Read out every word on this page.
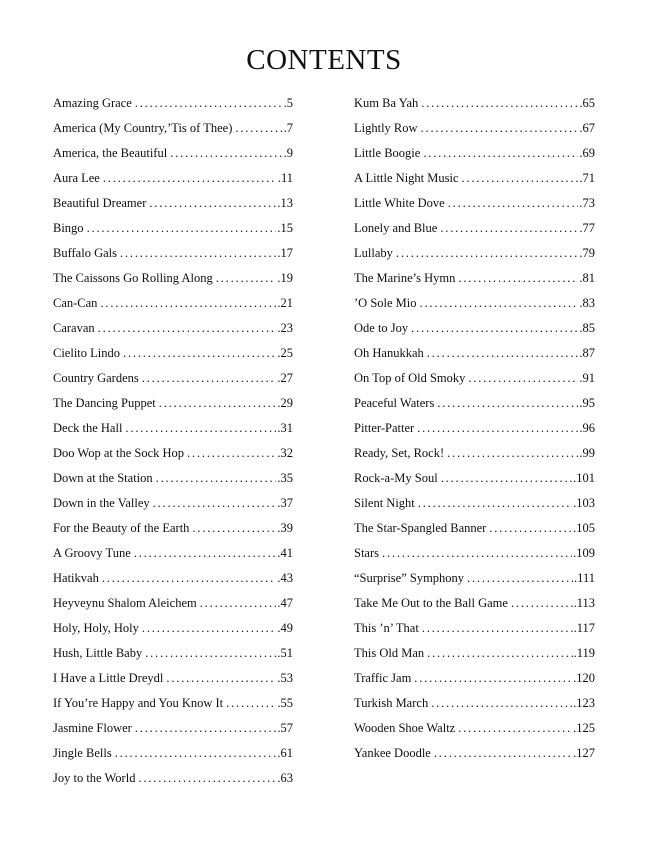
CONTENTS
Amazing Grace . . .	.5
America (My Country,’Tis of Thee) . . .	.7
America, the Beautiful . . .	.9
Aura Lee . . .	.11
Beautiful Dreamer . . .	.13
Bingo . . .	.15
Buffalo Gals . . .	.17
The Caissons Go Rolling Along . . .	.19
Can-Can . . .	.21
Caravan . . .	.23
Cielito Lindo . . .	.25
Country Gardens . . .	.27
The Dancing Puppet . . .	.29
Deck the Hall . . .	.31
Doo Wop at the Sock Hop . . .	.32
Down at the Station . . .	.35
Down in the Valley . . .	.37
For the Beauty of the Earth . . .	.39
A Groovy Tune . . .	.41
Hatikvah . . .	.43
Heyveynu Shalom Aleichem . . .	.47
Holy, Holy, Holy . . .	.49
Hush, Little Baby . . .	.51
I Have a Little Dreydl . . .	.53
If You’re Happy and You Know It . . .	.55
Jasmine Flower . . .	.57
Jingle Bells . . .	.61
Joy to the World . . .	.63
Kum Ba Yah . . .	.65
Lightly Row . . .	.67
Little Boogie . . .	.69
A Little Night Music . . .	.71
Little White Dove . . .	.73
Lonely and Blue . . .	.77
Lullaby . . .	.79
The Marine’s Hymn . . .	.81
’O Sole Mio . . .	.83
Ode to Joy . . .	.85
Oh Hanukkah . . .	.87
On Top of Old Smoky . . .	.91
Peaceful Waters . . .	.95
Pitter-Patter . . .	.96
Ready, Set, Rock! . . .	.99
Rock-a-My Soul . . .	.101
Silent Night . . .	.103
The Star-Spangled Banner . . .	.105
Stars . . .	.109
“Surprise” Symphony . . .	.111
Take Me Out to the Ball Game . . .	.113
This ’n’ That . . .	.117
This Old Man . . .	.119
Traffic Jam . . .	.120
Turkish March . . .	.123
Wooden Shoe Waltz . . .	.125
Yankee Doodle . . .	.127
